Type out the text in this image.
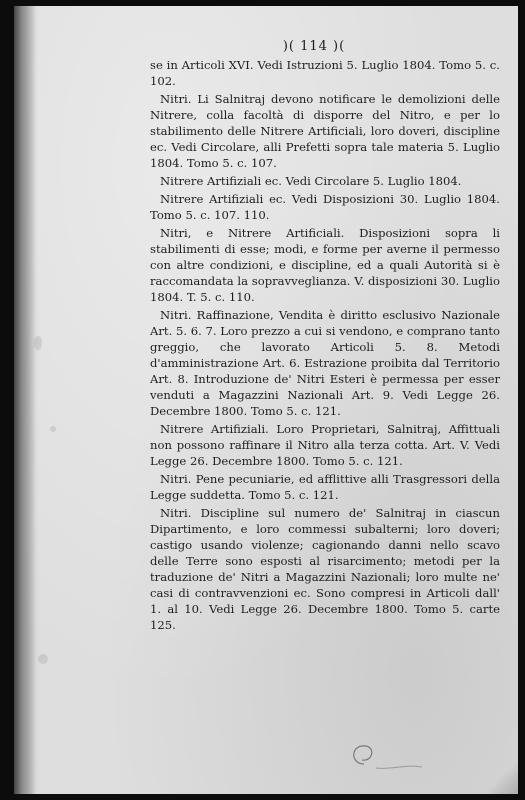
)( 114 )(

se in Articoli XVI. Vedi Istruzioni 5. Luglio 1804. Tomo 5. c. 102.

Nitri. Li Salnitraj devono notificare le demolizioni delle Nitrere, colla facoltà di disporre del Nitro, e per lo stabilimento delle Nitrere Artificiali, loro doveri, discipline ec. Vedi Circolare, alli Prefetti sopra tale materia 5. Luglio 1804. Tomo 5. c. 107.

Nitrere Artifiziali ec. Vedi Circolare 5. Luglio 1804.

Nitrere Artifiziali ec. Vedi Disposizioni 30. Luglio 1804. Tomo 5. c. 107. 110.

Nitri, e Nitrere Artificiali. Disposizioni sopra li stabilimenti di esse; modi, e forme per averne il permesso con altre condizioni, e discipline, ed a quali Autorità si è raccomandata la sopravveglianza. V. disposizioni 30. Luglio 1804. T. 5. c. 110.

Nitri. Raffinazione, Vendita è diritto esclusivo Nazionale Art. 5. 6. 7. Loro prezzo a cui si vendono, e comprano tanto greggio, che lavorato Articoli 5. 8. Metodi d'amministrazione Art. 6. Estrazione proibita dal Territorio Art. 8. Introduzione de' Nitri Esteri è permessa per esser venduti a Magazzini Nazionali Art. 9. Vedi Legge 26. Decembre 1800. Tomo 5. c. 121.

Nitrere Artifiziali. Loro Proprietari, Salnitraj, Affittuali non possono raffinare il Nitro alla terza cotta. Art. V. Vedi Legge 26. Decembre 1800. Tomo 5. c. 121.

Nitri. Pene pecuniarie, ed afflittive alli Trasgressori della Legge suddetta. Tomo 5. c. 121.

Nitri. Discipline sul numero de' Salnitraj in ciascun Dipartimento, e loro commessi subalterni; loro doveri; castigo usando violenze; cagionando danni nello scavo delle Terre sono esposti al risarcimento; metodi per la traduzione de' Nitri a Magazzini Nazionali; loro multe ne' casi di contravvenzioni ec. Sono compresi in Articoli dall' 1. al 10. Vedi Legge 26. Decembre 1800. Tomo 5. carte 125.
